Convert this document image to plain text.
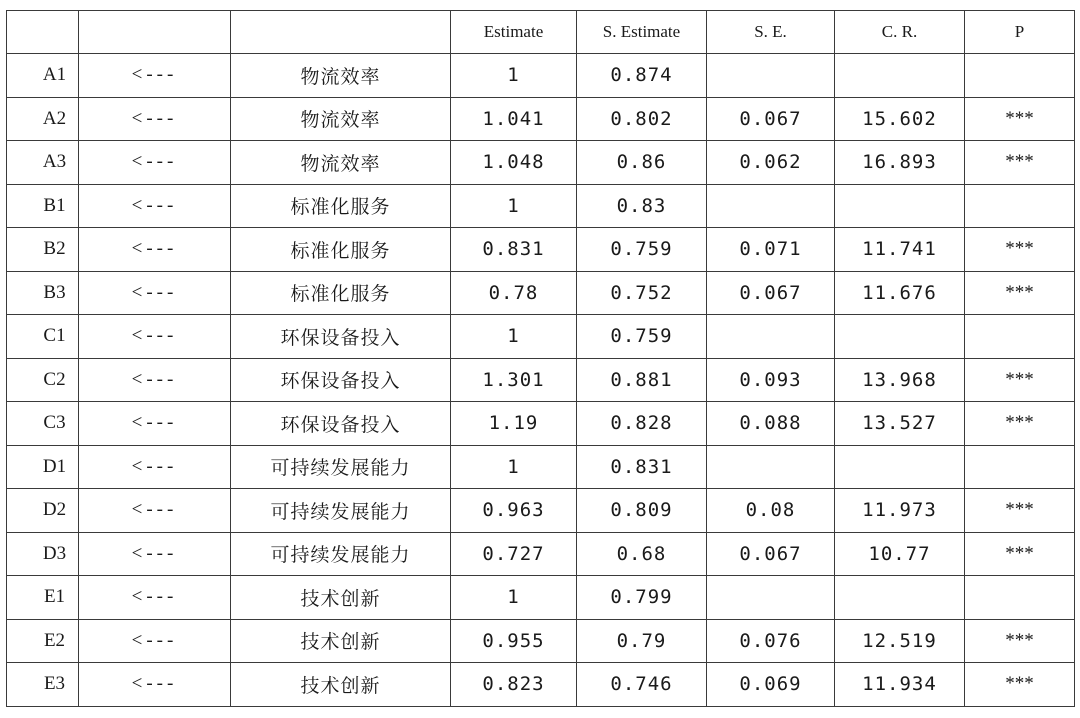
			Estimate	S. Estimate	S. E.	C. R.	P
A1	<---	物流效率	1	0.874			
A2	<---	物流效率	1.041	0.802	0.067	15.602	***
A3	<---	物流效率	1.048	0.86	0.062	16.893	***
B1	<---	标准化服务	1	0.83			
B2	<---	标准化服务	0.831	0.759	0.071	11.741	***
B3	<---	标准化服务	0.78	0.752	0.067	11.676	***
C1	<---	环保设备投入	1	0.759			
C2	<---	环保设备投入	1.301	0.881	0.093	13.968	***
C3	<---	环保设备投入	1.19	0.828	0.088	13.527	***
D1	<---	可持续发展能力	1	0.831			
D2	<---	可持续发展能力	0.963	0.809	0.08	11.973	***
D3	<---	可持续发展能力	0.727	0.68	0.067	10.77	***
E1	<---	技术创新	1	0.799			
E2	<---	技术创新	0.955	0.79	0.076	12.519	***
E3	<---	技术创新	0.823	0.746	0.069	11.934	***
